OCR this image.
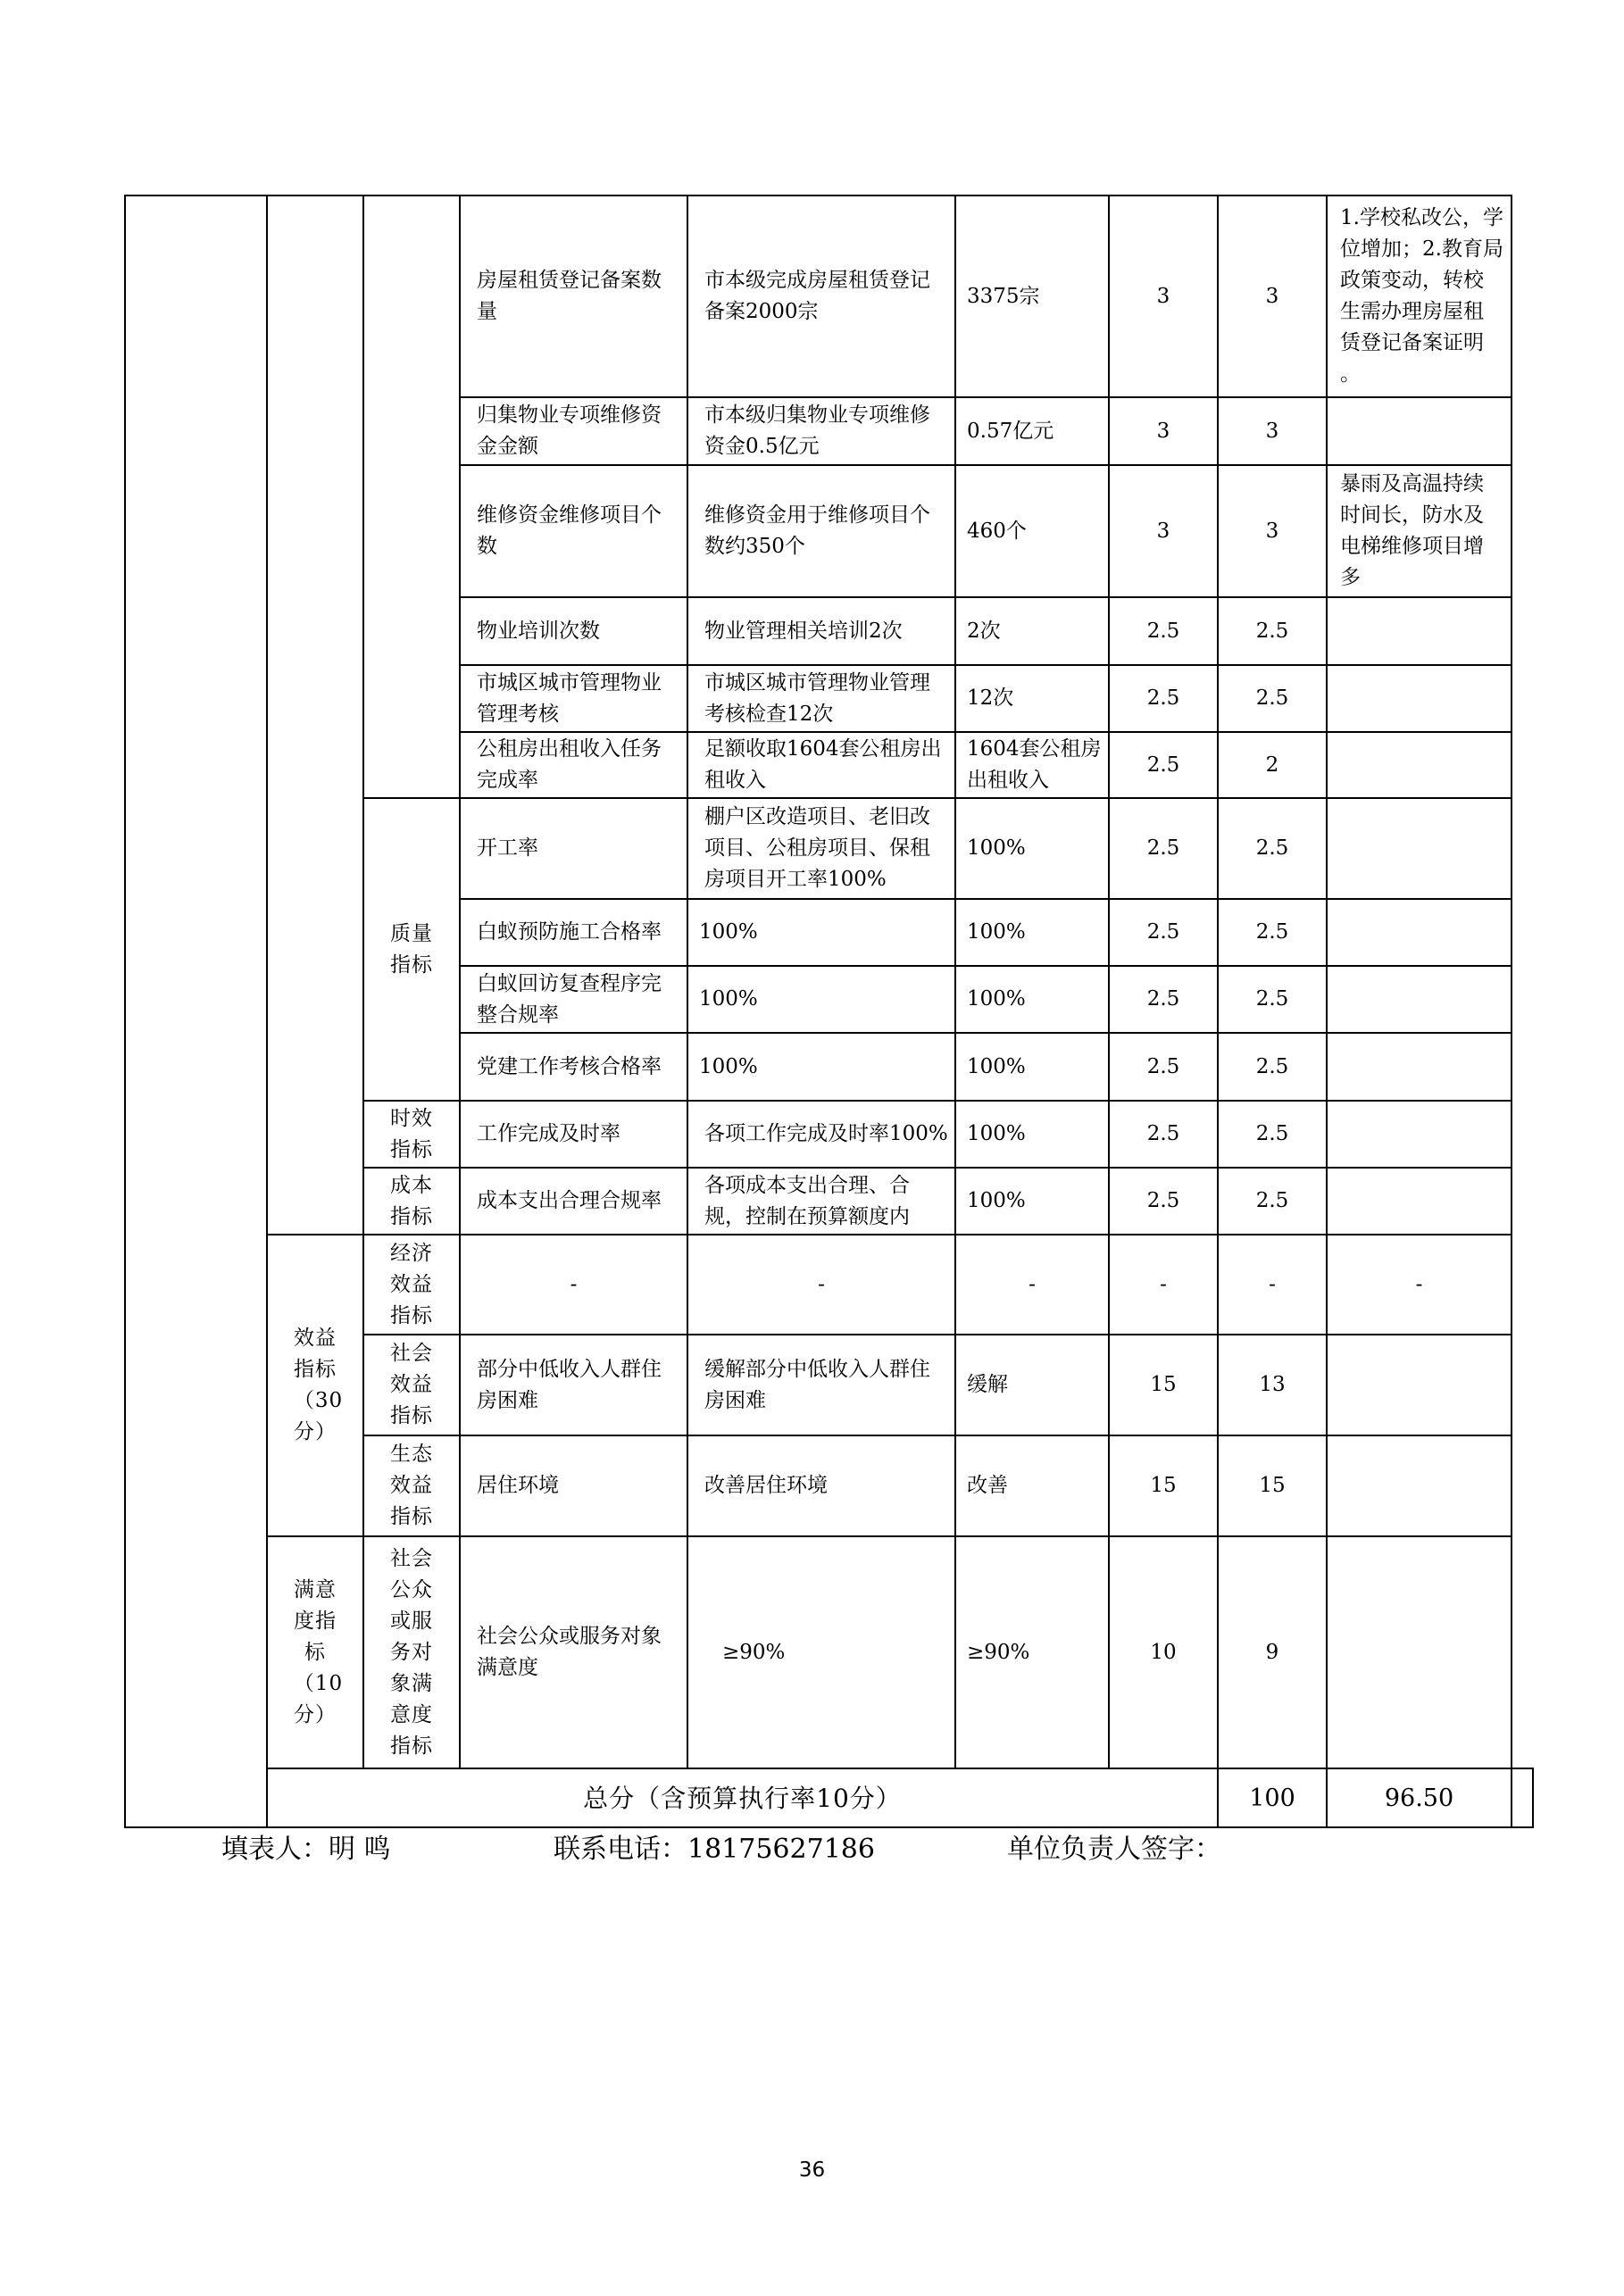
			房屋租赁登记备案数量	市本级完成房屋租赁登记备案2000宗	3375宗	3	3	1.学校私改公，学位增加；2.教育局政策变动，转校生需办理房屋租赁登记备案证明 。	
			归集物业专项维修资金金额	市本级归集物业专项维修资金0.5亿元	0.57亿元	3	3		
			维修资金维修项目个数	维修资金用于维修项目个数约350个	460个	3	3	暴雨及高温持续时间长，防水及电梯维修项目增多	
			物业培训次数	物业管理相关培训2次	2次	2.5	2.5		
			市城区城市管理物业管理考核	市城区城市管理物业管理考核检查12次	12次	2.5	2.5		
			公租房出租收入任务完成率	足额收取1604套公租房出租收入	1604套公租房出租收入	2.5	2		

		质量指标	开工率	棚户区改造项目、老旧改项目、公租房项目、保租房项目开工率100%	100%	2.5	2.5		
			白蚁预防施工合格率	100%	100%	2.5	2.5		
			白蚁回访复查程序完整合规率	100%	100%	2.5	2.5		
			党建工作考核合格率	100%	100%	2.5	2.5		

		时效指标	工作完成及时率	各项工作完成及时率100%	100%	2.5	2.5		

		成本指标	成本支出合理合规率	各项成本支出合理、合规，控制在预算额度内	100%	2.5	2.5		

	效益指标（30分）	经济效益指标	-	-	-	-	-	-	

		社会效益指标	部分中低收入人群住房困难	缓解部分中低收入人群住房困难	缓解	15	13		

		生态效益指标	居住环境	改善居住环境	改善	15	15		

	满意度指标（10分）	社会公众或服务对象满意度指标	社会公众或服务对象满意度	≥90%	≥90%	10	9		
	总分（含预算执行率10分）						100	96.50	
填表人：明 鸣	联系电话：18175627186	单位负责人签字：
36
